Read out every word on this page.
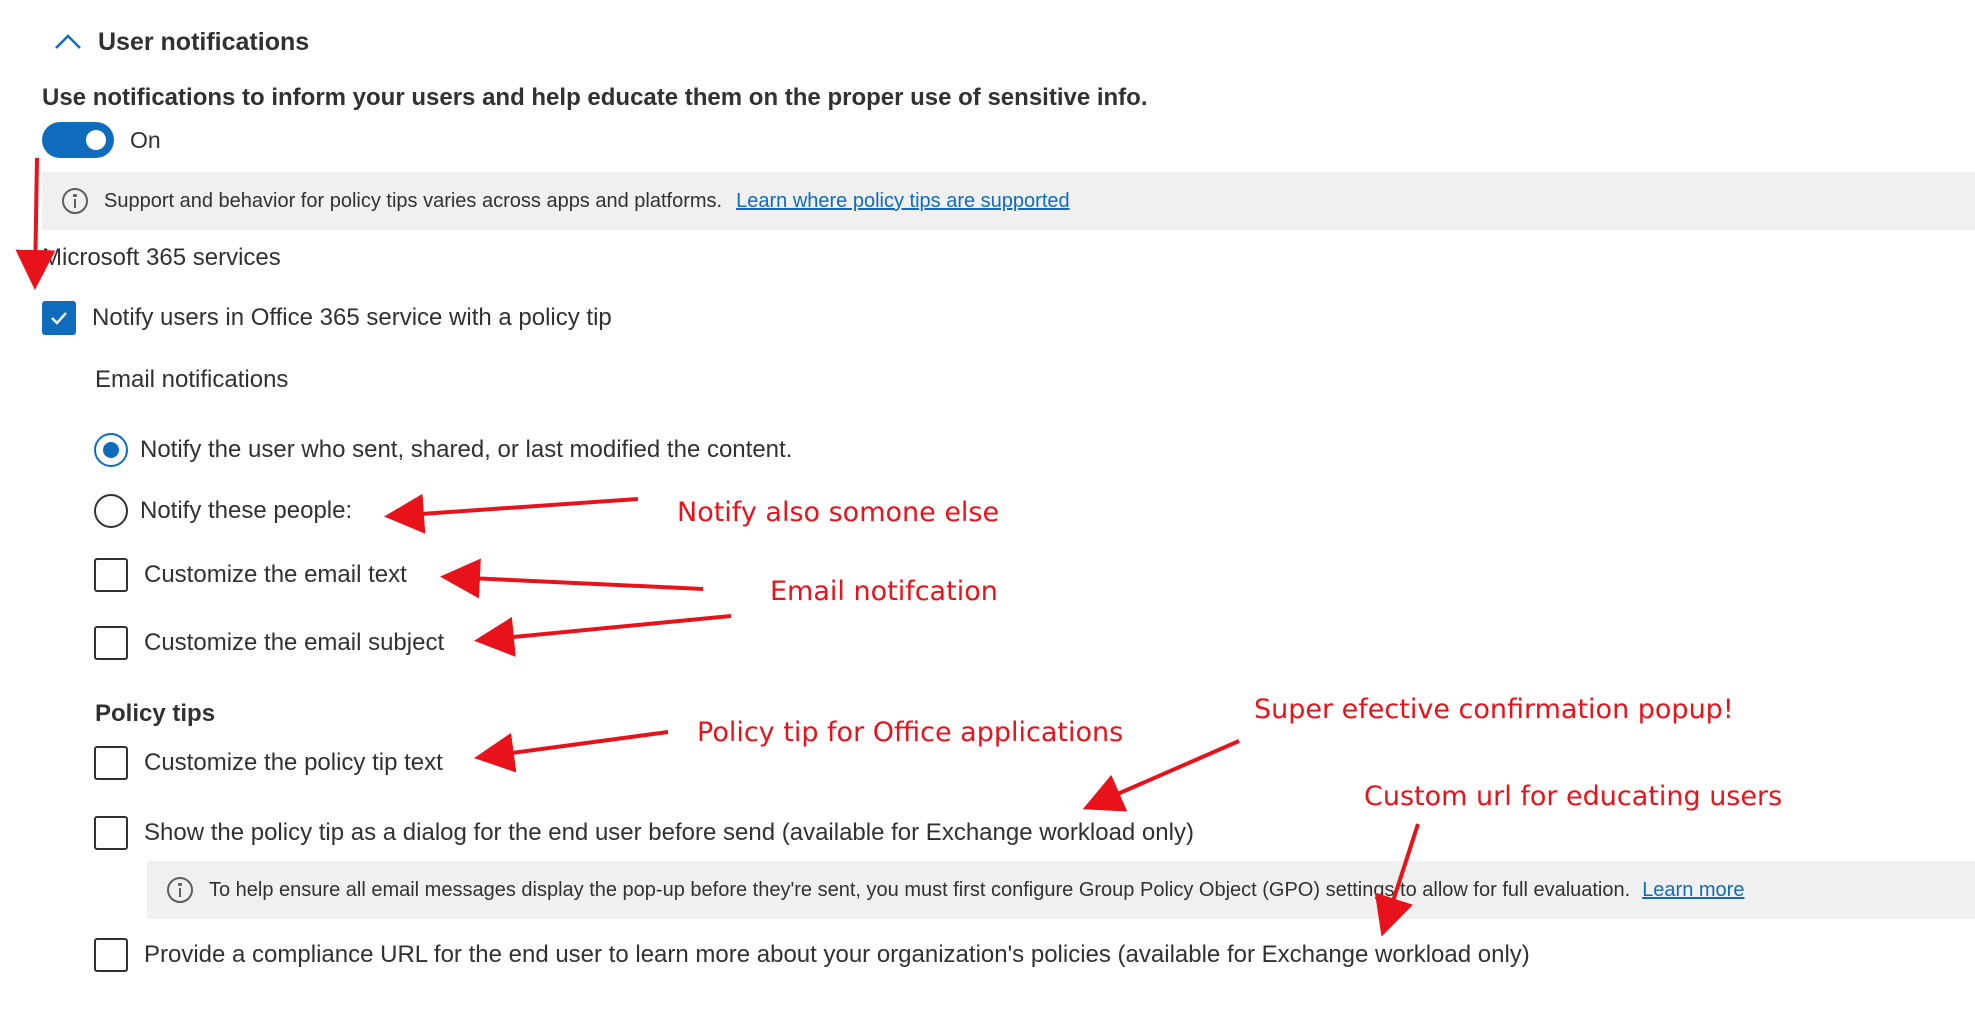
User notifications
Use notifications to inform your users and help educate them on the proper use of sensitive info.
On
Support and behavior for policy tips varies across apps and platforms. Learn where policy tips are supported
Microsoft 365 services
Notify users in Office 365 service with a policy tip
Email notifications
Notify the user who sent, shared, or last modified the content.
Notify these people:
Customize the email text
Customize the email subject
Policy tips
Customize the policy tip text
Show the policy tip as a dialog for the end user before send (available for Exchange workload only)
To help ensure all email messages display the pop-up before they're sent, you must first configure Group Policy Object (GPO) settings to allow for full evaluation. Learn more
Provide a compliance URL for the end user to learn more about your organization's policies (available for Exchange workload only)
Notify also somone else
Email notifcation
Policy tip for Office applications
Super efective confirmation popup!
Custom url for educating users
